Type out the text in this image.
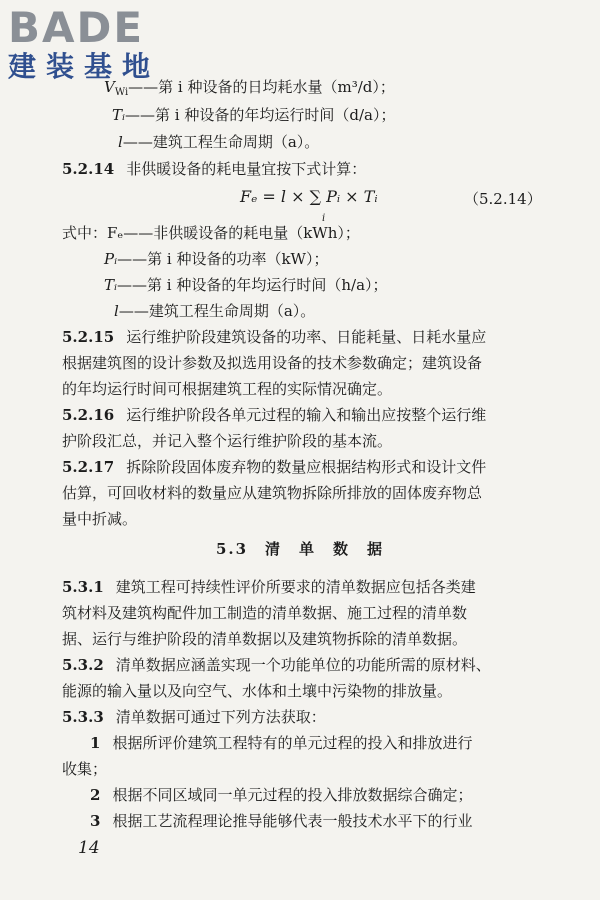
BADE
建装基地
$V_{Wi}——$第 i 种设备的日均耗水量（m³/d）；
Tᵢ——第 i 种设备的年均运行时间（d/a）；
l——建筑工程生命周期（a）。
5.2.14 非供暖设备的耗电量宜按下式计算：
Fₑ = l × ∑ Pᵢ × Tᵢ
i
（5.2.14）
式中：Fₑ——非供暖设备的耗电量（kWh）；
Pᵢ——第 i 种设备的功率（kW）；
Tᵢ——第 i 种设备的年均运行时间（h/a）；
l——建筑工程生命周期（a）。
5.2.15 运行维护阶段建筑设备的功率、日能耗量、日耗水量应
根据建筑图的设计参数及拟选用设备的技术参数确定；建筑设备
的年均运行时间可根据建筑工程的实际情况确定。
5.2.16 运行维护阶段各单元过程的输入和输出应按整个运行维
护阶段汇总，并记入整个运行维护阶段的基本流。
5.2.17 拆除阶段固体废弃物的数量应根据结构形式和设计文件
估算，可回收材料的数量应从建筑物拆除所排放的固体废弃物总
量中折减。
5.3　清　单　数　据
5.3.1 建筑工程可持续性评价所要求的清单数据应包括各类建
筑材料及建筑构配件加工制造的清单数据、施工过程的清单数
据、运行与维护阶段的清单数据以及建筑物拆除的清单数据。
5.3.2 清单数据应涵盖实现一个功能单位的功能所需的原材料、
能源的输入量以及向空气、水体和土壤中污染物的排放量。
5.3.3 清单数据可通过下列方法获取：
1 根据所评价建筑工程特有的单元过程的投入和排放进行
收集；
2 根据不同区域同一单元过程的投入排放数据综合确定；
3 根据工艺流程理论推导能够代表一般技术水平下的行业
14
